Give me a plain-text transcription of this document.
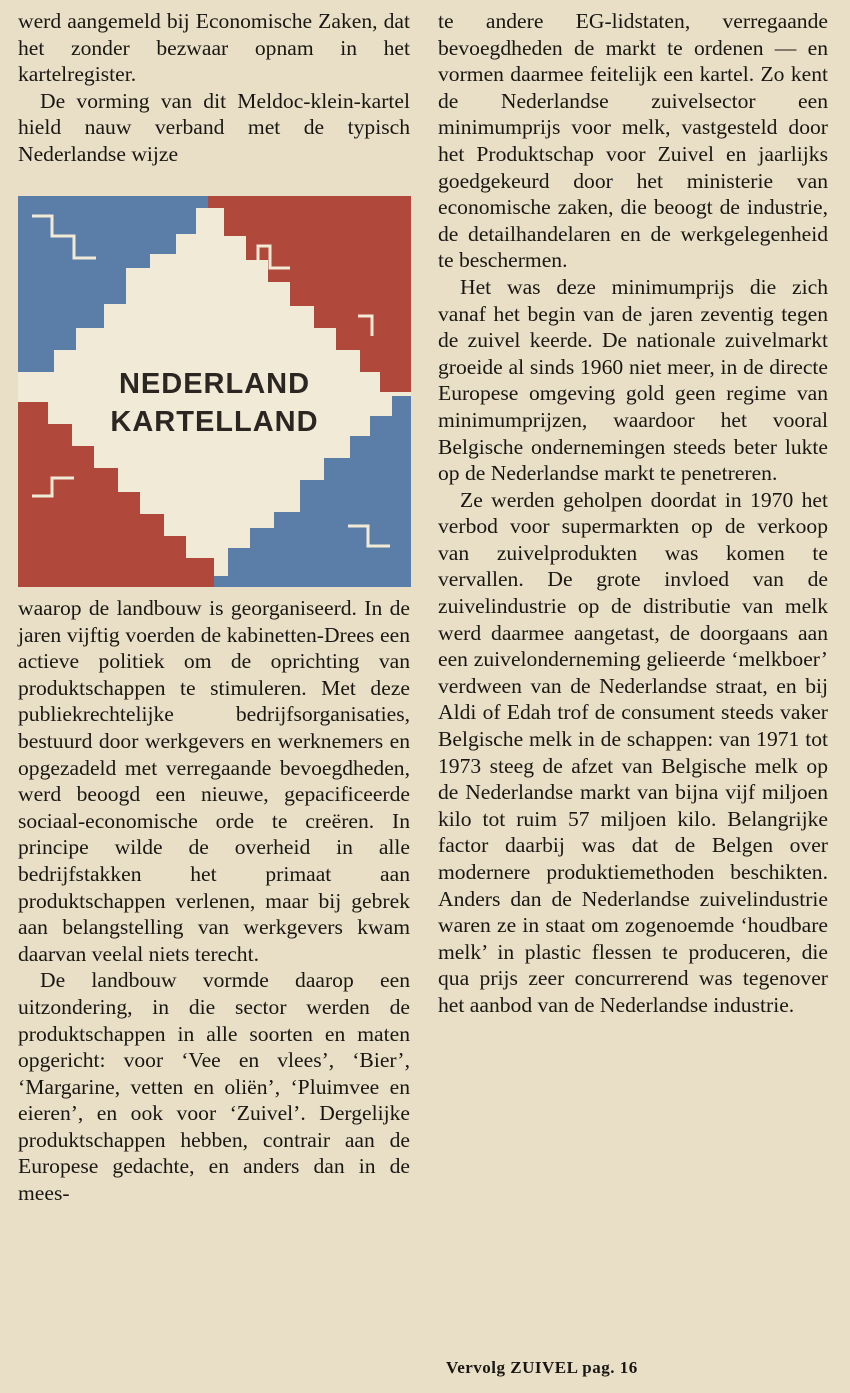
werd aangemeld bij Economische Zaken, dat het zonder bezwaar opnam in het kartelregister.

De vorming van dit Meldoc-klein-kartel hield nauw verband met de typisch Nederlandse wijze

NEDERLAND
KARTELLAND

waarop de landbouw is georganiseerd. In de jaren vijftig voerden de kabinetten-Drees een actieve politiek om de oprichting van produktschappen te stimuleren. Met deze publiekrechtelijke bedrijfsorganisaties, bestuurd door werkgevers en werknemers en opgezadeld met verregaande bevoegdheden, werd beoogd een nieuwe, gepacificeerde sociaal-economische orde te creëren. In principe wilde de overheid in alle bedrijfstakken het primaat aan produktschappen verlenen, maar bij gebrek aan belangstelling van werkgevers kwam daarvan veelal niets terecht.

De landbouw vormde daarop een uitzondering, in die sector werden de produktschappen in alle soorten en maten opgericht: voor ‘Vee en vlees’, ‘Bier’, ‘Margarine, vetten en oliën’, ‘Pluimvee en eieren’, en ook voor ‘Zuivel’. Dergelijke produktschappen hebben, contrair aan de Europese gedachte, en anders dan in de mees-

te andere EG-lidstaten, verregaande bevoegdheden de markt te ordenen — en vormen daarmee feitelijk een kartel. Zo kent de Nederlandse zuivelsector een minimumprijs voor melk, vastgesteld door het Produktschap voor Zuivel en jaarlijks goedgekeurd door het ministerie van economische zaken, die beoogt de industrie, de detailhandelaren en de werkgelegenheid te beschermen.

Het was deze minimumprijs die zich vanaf het begin van de jaren zeventig tegen de zuivel keerde. De nationale zuivelmarkt groeide al sinds 1960 niet meer, in de directe Europese omgeving gold geen regime van minimumprijzen, waardoor het vooral Belgische ondernemingen steeds beter lukte op de Nederlandse markt te penetreren.

Ze werden geholpen doordat in 1970 het verbod voor supermarkten op de verkoop van zuivelprodukten was komen te vervallen. De grote invloed van de zuivelindustrie op de distributie van melk werd daarmee aangetast, de doorgaans aan een zuivelonderneming gelieerde ‘melkboer’ verdween van de Nederlandse straat, en bij Aldi of Edah trof de consument steeds vaker Belgische melk in de schappen: van 1971 tot 1973 steeg de afzet van Belgische melk op de Nederlandse markt van bijna vijf miljoen kilo tot ruim 57 miljoen kilo. Belangrijke factor daarbij was dat de Belgen over modernere produktiemethoden beschikten. Anders dan de Nederlandse zuivelindustrie waren ze in staat om zogenoemde ‘houdbare melk’ in plastic flessen te produceren, die qua prijs zeer concurrerend was tegenover het aanbod van de Nederlandse industrie.

Vervolg ZUIVEL pag. 16
